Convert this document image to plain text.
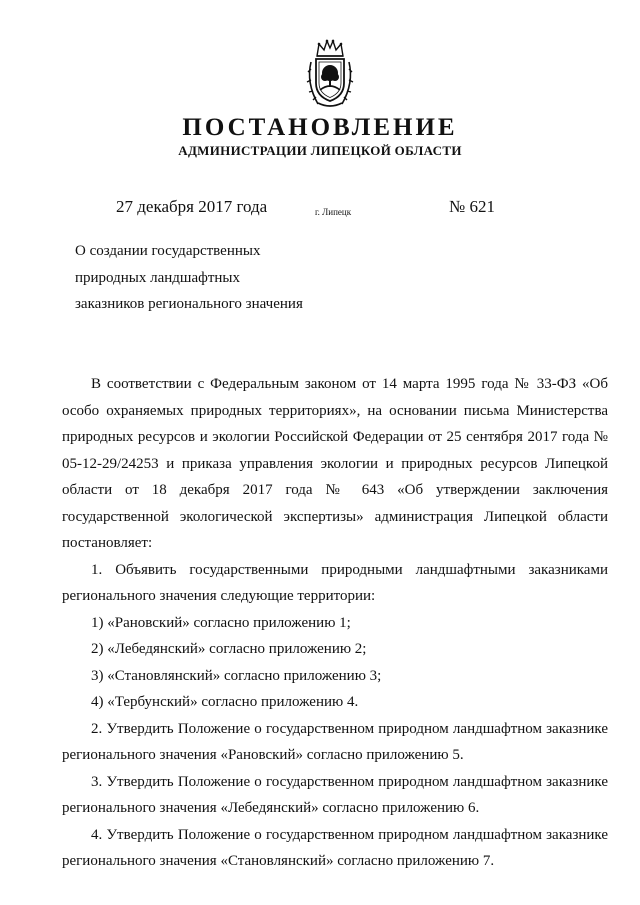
ПОСТАНОВЛЕНИЕ
АДМИНИСТРАЦИИ ЛИПЕЦКОЙ ОБЛАСТИ
27 декабря 2017 года	г. Липецк	№ 621
О создании государственных
природных ландшафтных
заказников регионального значения

В соответствии с Федеральным законом от 14 марта 1995 года № 33-ФЗ «Об особо охраняемых природных территориях», на основании письма Министерства природных ресурсов и экологии Российской Федерации от 25 сентября 2017 года № 05-12-29/24253 и приказа управления экологии и природных ресурсов Липецкой области от 18 декабря 2017 года № 643 «Об утверждении заключения государственной экологической экспертизы» администрация Липецкой области постановляет:

1. Объявить государственными природными ландшафтными заказниками регионального значения следующие территории:

1) «Рановский» согласно приложению 1;

2) «Лебедянский» согласно приложению 2;

3) «Становлянский» согласно приложению 3;

4) «Тербунский» согласно приложению 4.

2. Утвердить Положение о государственном природном ландшафтном заказнике регионального значения «Рановский» согласно приложению 5.

3. Утвердить Положение о государственном природном ландшафтном заказнике регионального значения «Лебедянский» согласно приложению 6.

4. Утвердить Положение о государственном природном ландшафтном заказнике регионального значения «Становлянский» согласно приложению 7.
